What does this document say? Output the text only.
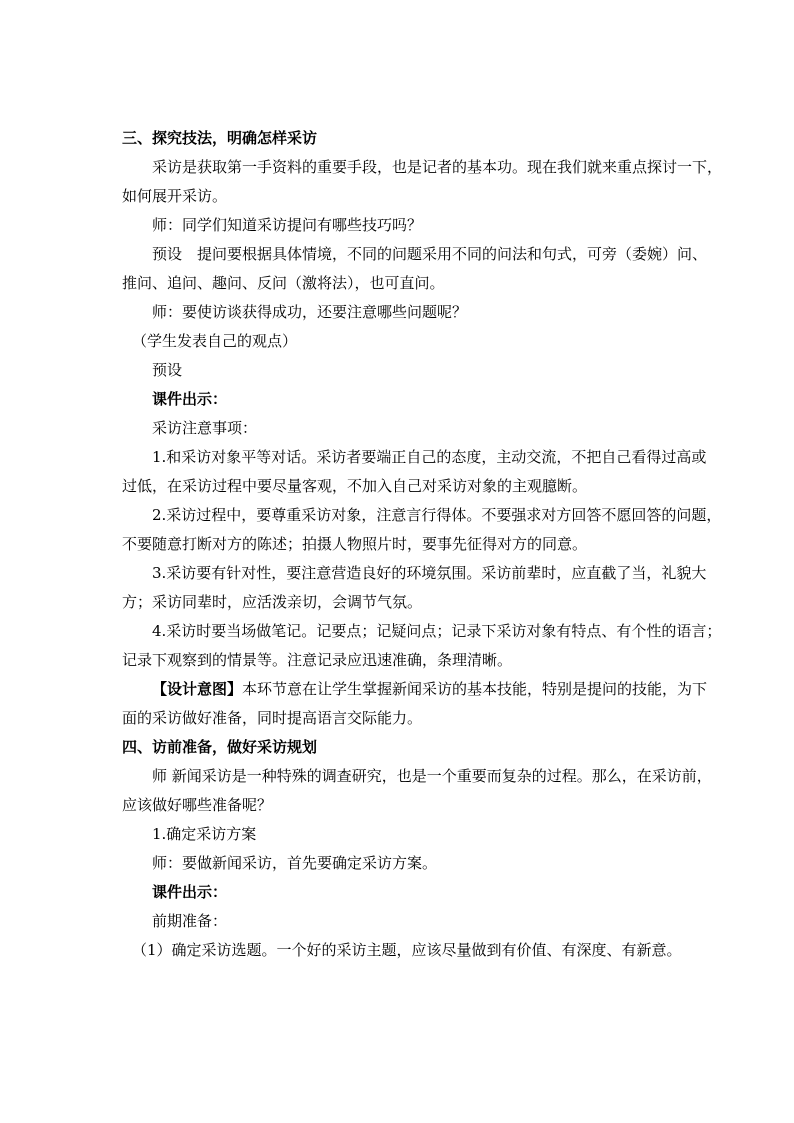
三、探究技法，明确怎样采访
采访是获取第一手资料的重要手段，也是记者的基本功。现在我们就来重点探讨一下，
如何展开采访。
师：同学们知道采访提问有哪些技巧吗？
预设　提问要根据具体情境，不同的问题采用不同的问法和句式，可旁（委婉）问、
推问、追问、趣问、反问（激将法），也可直问。
师：要使访谈获得成功，还要注意哪些问题呢？
（学生发表自己的观点）
预设
课件出示：
采访注意事项：
1.和采访对象平等对话。采访者要端正自己的态度，主动交流，不把自己看得过高或
过低，在采访过程中要尽量客观，不加入自己对采访对象的主观臆断。
2.采访过程中，要尊重采访对象，注意言行得体。不要强求对方回答不愿回答的问题，
不要随意打断对方的陈述；拍摄人物照片时，要事先征得对方的同意。
3.采访要有针对性，要注意营造良好的环境氛围。采访前辈时，应直截了当，礼貌大
方；采访同辈时，应活泼亲切，会调节气氛。
4.采访时要当场做笔记。记要点；记疑问点；记录下采访对象有特点、有个性的语言；
记录下观察到的情景等。注意记录应迅速准确，条理清晰。
【设计意图】本环节意在让学生掌握新闻采访的基本技能，特别是提问的技能，为下
面的采访做好准备，同时提高语言交际能力。
四、访前准备，做好采访规划
师 新闻采访是一种特殊的调查研究，也是一个重要而复杂的过程。那么，在采访前，
应该做好哪些准备呢？
1.确定采访方案
师：要做新闻采访，首先要确定采访方案。
课件出示：
前期准备：
（1）确定采访选题。一个好的采访主题，应该尽量做到有价值、有深度、有新意。
